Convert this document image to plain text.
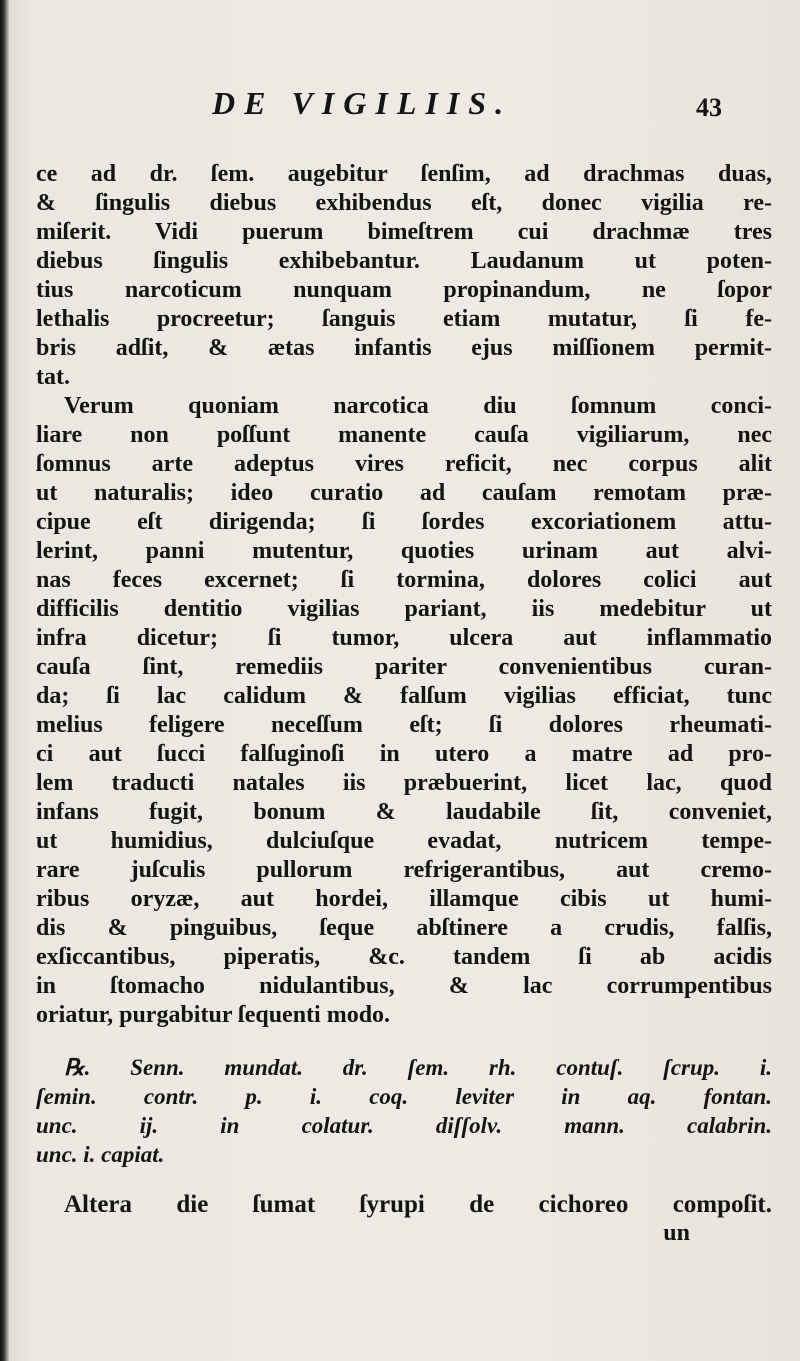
DE VIGILIIS.	43
ce ad dr. ſem. augebitur ſenſim, ad drachmas duas,
& ſingulis diebus exhibendus eſt, donec vigilia re-
miſerit. Vidi puerum bimeſtrem cui drachmæ tres
diebus ſingulis exhibebantur. Laudanum ut poten-
tius narcoticum nunquam propinandum, ne ſopor
lethalis procreetur; ſanguis etiam mutatur, ſi fe-
bris adſit, & ætas infantis ejus miſſionem permit-
tat.
Verum quoniam narcotica diu ſomnum conci-
liare non poſſunt manente cauſa vigiliarum, nec
ſomnus arte adeptus vires reficit, nec corpus alit
ut naturalis; ideo curatio ad cauſam remotam præ-
cipue eſt dirigenda; ſi ſordes excoriationem attu-
lerint, panni mutentur, quoties urinam aut alvi-
nas feces excernet; ſi tormina, dolores colici aut
difficilis dentitio vigilias pariant, iis medebitur ut
infra dicetur; ſi tumor, ulcera aut inflammatio
cauſa ſint, remediis pariter convenientibus curan-
da; ſi lac calidum & falſum vigilias efficiat, tunc
melius feligere neceſſum eſt; ſi dolores rheumati-
ci aut ſucci falſuginoſi in utero a matre ad pro-
lem traducti natales iis præbuerint, licet lac, quod
infans fugit, bonum & laudabile ſit, conveniet,
ut humidius, dulciuſque evadat, nutricem tempe-
rare juſculis pullorum refrigerantibus, aut cremo-
ribus oryzæ, aut hordei, illamque cibis ut humi-
dis & pinguibus, ſeque abſtinere a crudis, falſis,
exſiccantibus, piperatis, &c. tandem ſi ab acidis
in ſtomacho nidulantibus, & lac corrumpentibus
oriatur, purgabitur ſequenti modo.
℞. Senn. mundat. dr. ſem. rh. contuſ. ſcrup. i.
ſemin. contr. p. i. coq. leviter in aq. fontan.
unc. ij. in colatur. diſſolv. mann. calabrin.
unc. i. capiat.
Altera die ſumat ſyrupi de cichoreo compoſit.
un
